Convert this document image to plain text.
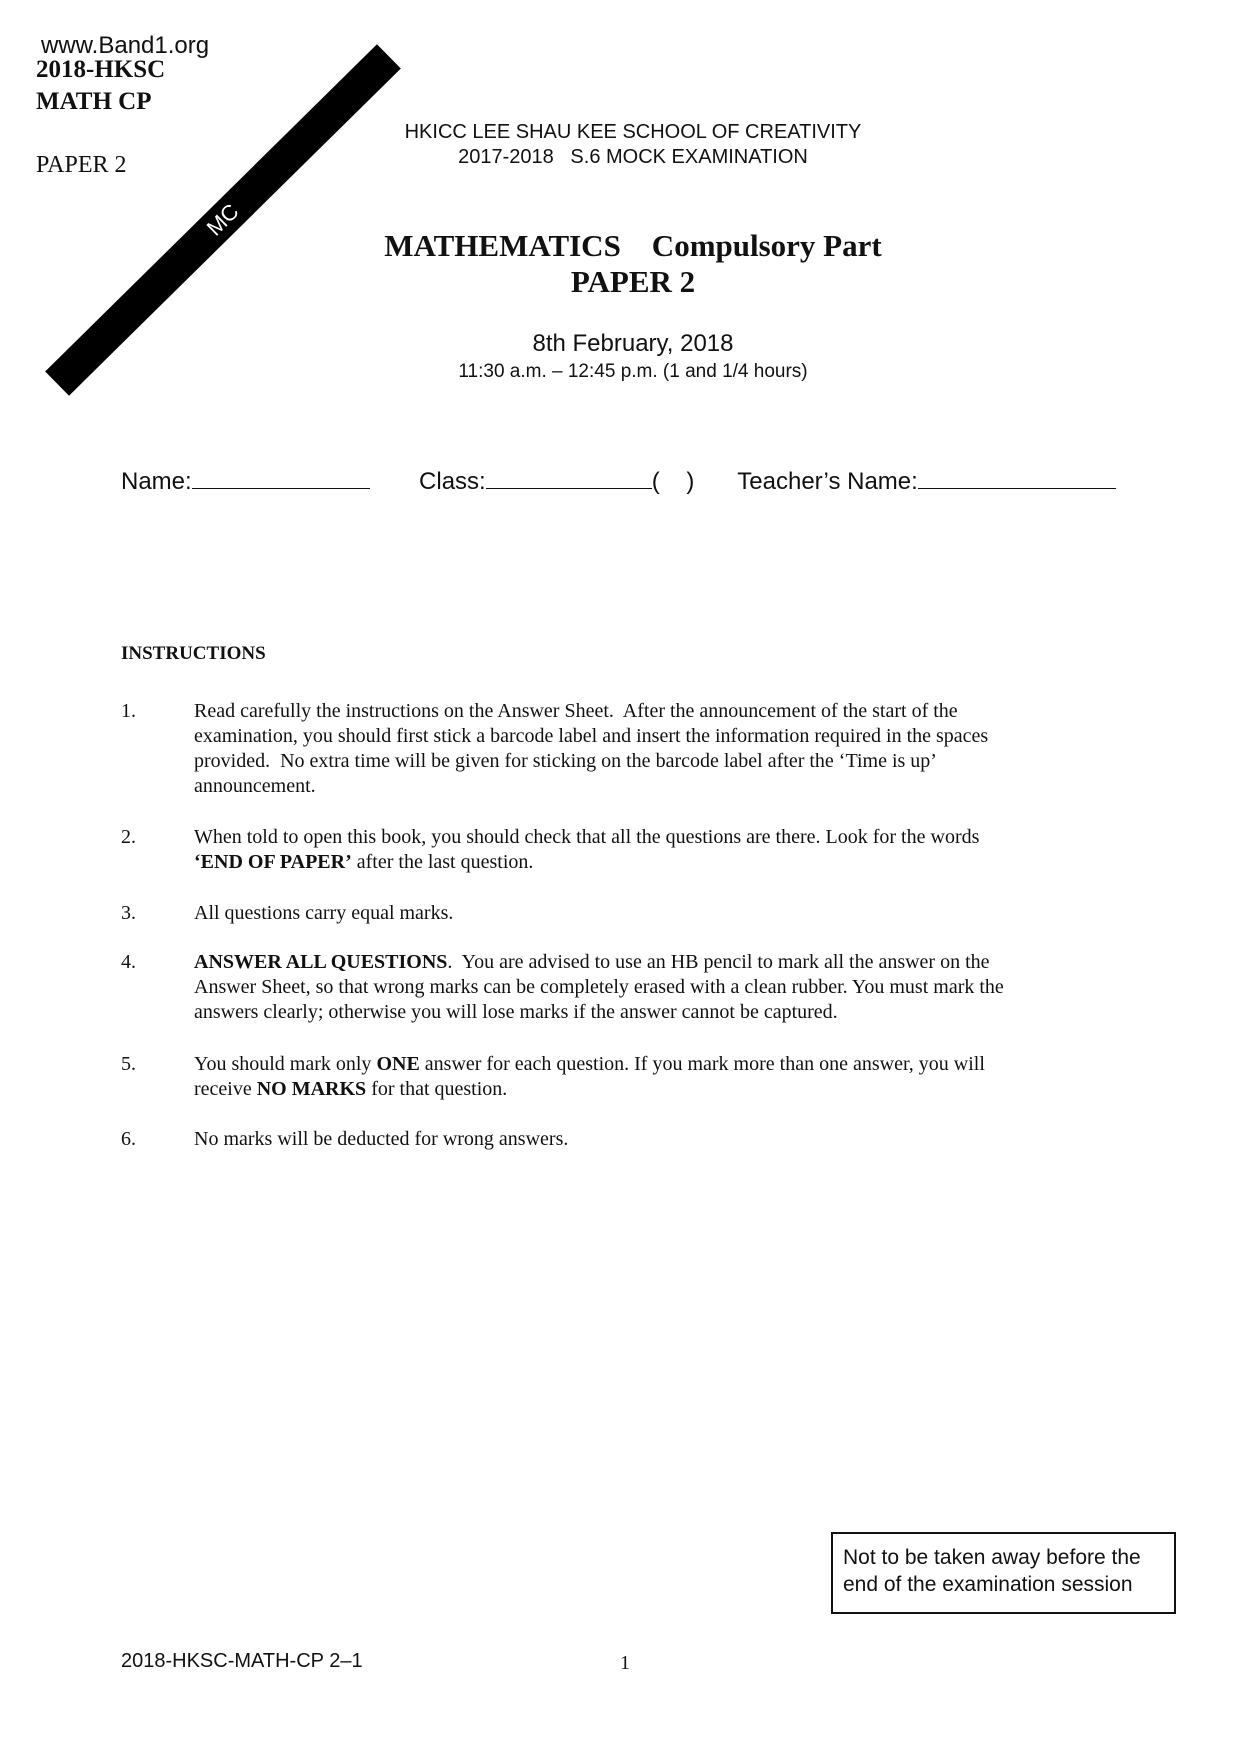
www.Band1.org
2018-HKSC
MATH CP
PAPER 2
MC
HKICC LEE SHAU KEE SCHOOL OF CREATIVITY
2017-2018   S.6 MOCK EXAMINATION
MATHEMATICS    Compulsory Part
PAPER 2
8th February, 2018
11:30 a.m. – 12:45 p.m. (1 and 1/4 hours)
Name:	Class:	(    ) Teacher’s Name:
INSTRUCTIONS
1.	Read carefully the instructions on the Answer Sheet.  After the announcement of the start of the
examination, you should first stick a barcode label and insert the information required in the spaces
provided.  No extra time will be given for sticking on the barcode label after the ‘Time is up’
announcement.
2.	When told to open this book, you should check that all the questions are there. Look for the words
‘END OF PAPER’ after the last question.
3.	All questions carry equal marks.
4.	ANSWER ALL QUESTIONS.  You are advised to use an HB pencil to mark all the answer on the
Answer Sheet, so that wrong marks can be completely erased with a clean rubber. You must mark the
answers clearly; otherwise you will lose marks if the answer cannot be captured.
5.	You should mark only ONE answer for each question. If you mark more than one answer, you will
receive NO MARKS for that question.
6.	No marks will be deducted for wrong answers.
Not to be taken away before the end of the examination session
2018-HKSC-MATH-CP 2–1	1
